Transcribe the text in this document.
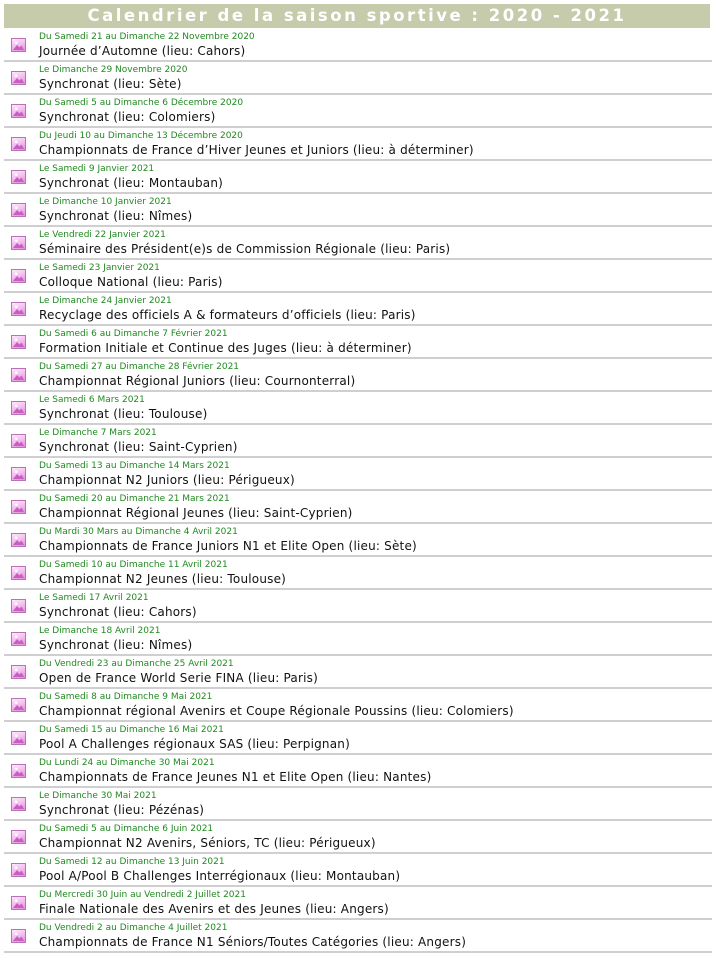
Calendrier de la saison sportive : 2020 - 2021
Du Samedi 21 au Dimanche 22 Novembre 2020
Journée d’Automne (lieu: Cahors)
Le Dimanche 29 Novembre 2020
Synchronat (lieu: Sète)
Du Samedi 5 au Dimanche 6 Décembre 2020
Synchronat (lieu: Colomiers)
Du Jeudi 10 au Dimanche 13 Décembre 2020
Championnats de France d’Hiver Jeunes et Juniors (lieu: à déterminer)
Le Samedi 9 Janvier 2021
Synchronat (lieu: Montauban)
Le Dimanche 10 Janvier 2021
Synchronat (lieu: Nîmes)
Le Vendredi 22 Janvier 2021
Séminaire des Président(e)s de Commission Régionale (lieu: Paris)
Le Samedi 23 Janvier 2021
Colloque National (lieu: Paris)
Le Dimanche 24 Janvier 2021
Recyclage des officiels A & formateurs d’officiels (lieu: Paris)
Du Samedi 6 au Dimanche 7 Février 2021
Formation Initiale et Continue des Juges (lieu: à déterminer)
Du Samedi 27 au Dimanche 28 Février 2021
Championnat Régional Juniors (lieu: Cournonterral)
Le Samedi 6 Mars 2021
Synchronat (lieu: Toulouse)
Le Dimanche 7 Mars 2021
Synchronat (lieu: Saint-Cyprien)
Du Samedi 13 au Dimanche 14 Mars 2021
Championnat N2 Juniors (lieu: Périgueux)
Du Samedi 20 au Dimanche 21 Mars 2021
Championnat Régional Jeunes (lieu: Saint-Cyprien)
Du Mardi 30 Mars au Dimanche 4 Avril 2021
Championnats de France Juniors N1 et Elite Open (lieu: Sète)
Du Samedi 10 au Dimanche 11 Avril 2021
Championnat N2 Jeunes (lieu: Toulouse)
Le Samedi 17 Avril 2021
Synchronat (lieu: Cahors)
Le Dimanche 18 Avril 2021
Synchronat (lieu: Nîmes)
Du Vendredi 23 au Dimanche 25 Avril 2021
Open de France World Serie FINA (lieu: Paris)
Du Samedi 8 au Dimanche 9 Mai 2021
Championnat régional Avenirs et Coupe Régionale Poussins (lieu: Colomiers)
Du Samedi 15 au Dimanche 16 Mai 2021
Pool A Challenges régionaux SAS (lieu: Perpignan)
Du Lundi 24 au Dimanche 30 Mai 2021
Championnats de France Jeunes N1 et Elite Open (lieu: Nantes)
Le Dimanche 30 Mai 2021
Synchronat (lieu: Pézénas)
Du Samedi 5 au Dimanche 6 Juin 2021
Championnat N2 Avenirs, Séniors, TC (lieu: Périgueux)
Du Samedi 12 au Dimanche 13 Juin 2021
Pool A/Pool B Challenges Interrégionaux (lieu: Montauban)
Du Mercredi 30 Juin au Vendredi 2 Juillet 2021
Finale Nationale des Avenirs et des Jeunes (lieu: Angers)
Du Vendredi 2 au Dimanche 4 Juillet 2021
Championnats de France N1 Séniors/Toutes Catégories (lieu: Angers)
